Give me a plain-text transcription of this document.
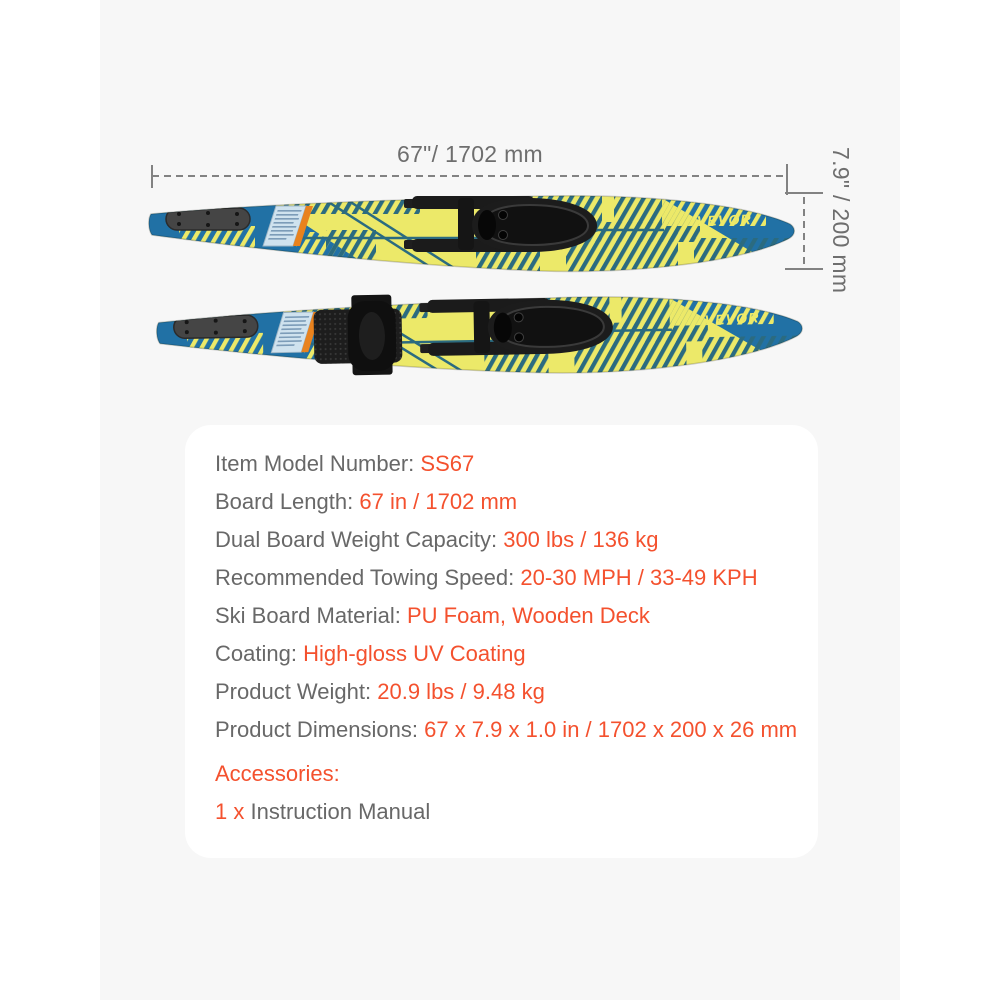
67"/ 1702 mm	7.9" / 200 mm
VEVOR
VEVOR
Item Model Number: SS67
Board Length: 67 in / 1702 mm
Dual Board Weight Capacity: 300 lbs / 136 kg
Recommended Towing Speed: 20-30 MPH / 33-49 KPH
Ski Board Material: PU Foam, Wooden Deck
Coating: High-gloss UV Coating
Product Weight: 20.9 lbs / 9.48 kg
Product Dimensions: 67 x 7.9 x 1.0 in / 1702 x 200 x 26 mm
Accessories:
1 x Instruction Manual
